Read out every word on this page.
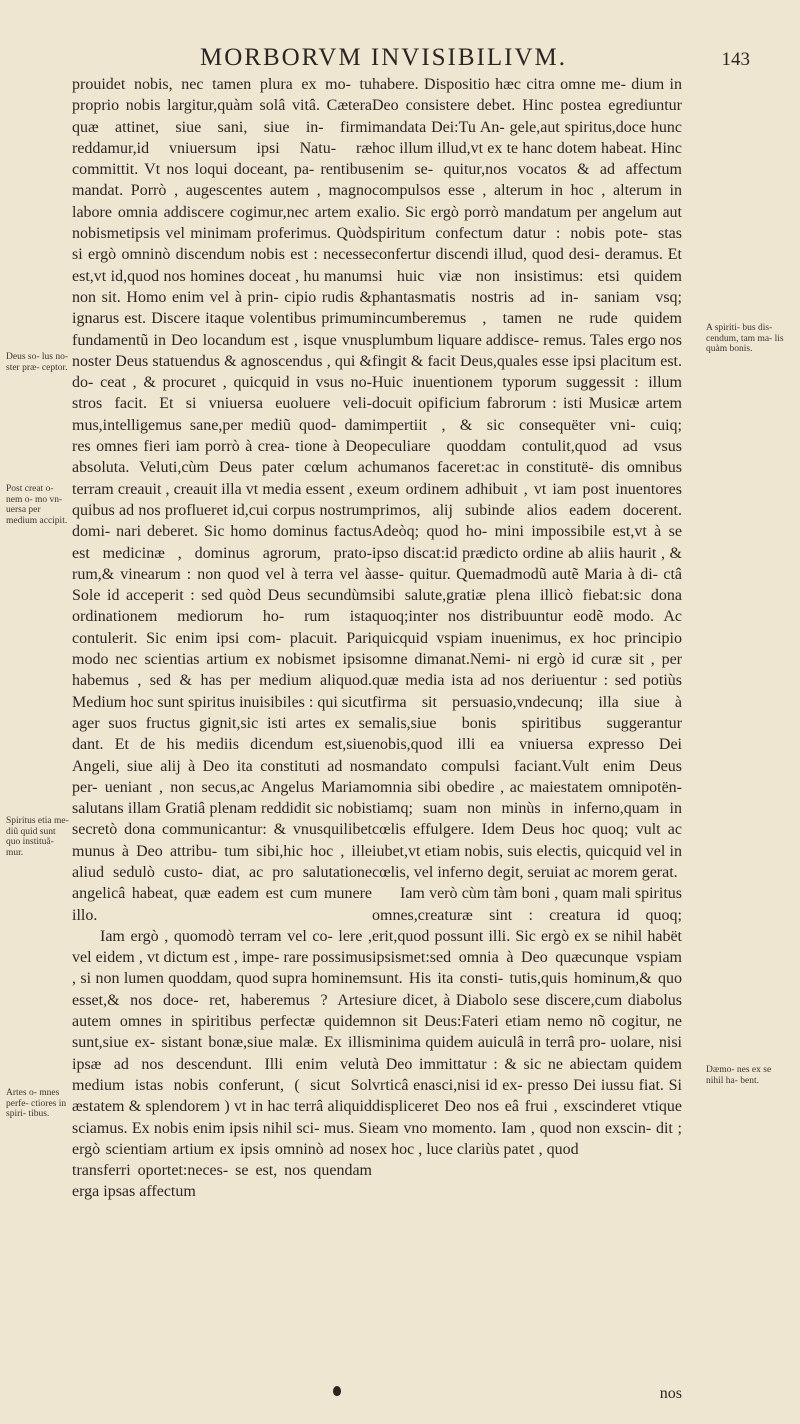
MORBORVM INVISIBILIVM.	143

prouidet nobis, nec tamen plura ex mo- tu proprio nobis largitur,quàm solâ vitâ. Cætera quæ attinet, siue sani, siue in- firmi reddamur,id vniuersum ipsi Natu- ræ committit. Vt nos loqui doceant, pa- rentibus mandat. Porrò , augescentes autem , magno labore omnia addiscere cogimur,nec artem ex nobismetipsis vel minimam proferimus. Quòd si ergò omninò discendum nobis est : necesse est,vt id,quod nos homines doceat , hu manum non sit. Homo enim vel à prin- cipio rudis & ignarus est. Discere itaque volentibus primum fundamentũ in Deo locandum est , isque vnus noster Deus statuendus & agnoscendus , qui & do- ceat , & procuret , quicquid in vsus no- stros facit. Et si vniuersa euoluere veli- mus,intelligemus sane,per mediũ quod- dam res omnes fieri iam porrò à crea- tione à Deo absoluta. Veluti,cùm Deus pater cœlum ac terram creauit , creauit illa vt media essent , ex quibus ad nos proflueret id,cui corpus nostrum domi- nari deberet. Sic homo dominus factus est medicinæ , dominus agrorum, prato- rum,& vinearum : non quod vel à terra vel à Sole id acceperit : sed quòd Deus secundùm ordinationem mediorum ho- rum ista contulerit. Sic enim ipsi com- placuit. Pari modo nec scientias artium ex nobismet ipsis habemus , sed & has per medium aliquod. Medium hoc sunt spiritus inuisibiles : qui sicut ager suos fructus gignit,sic isti artes ex se dant. Et de his mediis dicendum est,siue Angeli, siue alij à Deo ita constituti ad nos per- ueniant , non secus,ac Angelus Mariam salutans illam Gratiâ plenam reddidit sic nobis secretò dona communicantur: & vnusquilibet munus à Deo attribu- tum sibi,hic hoc , ille aliud sedulò custo- diat, ac pro salutatione angelicâ habeat, quæ eadem est cum munere illo.

Iam ergò , quomodò terram vel co- lere , vel eidem , vt dictum est , impe- rare possimus , si non lumen quoddam, quod supra hominem esset,& nos doce- ret, haberemus ? Artes autem omnes in spiritibus perfectæ quidem sunt,siue ex- sistant bonæ,siue malæ. Ex illis ipsæ ad nos descendunt. Illi enim velut medium istas nobis conferunt, ( sicut Sol æstatem & splendorem ) vt in hac terrâ aliquid sciamus. Ex nobis enim ipsis nihil sci- mus. Si ergò scientiam artium ex ipsis omninò ad nos transferri oportet:neces- se est, nos quendam erga ipsas affectum

habere. Dispositio hæc citra omne me- dium in Deo consistere debet. Hinc postea egrediuntur mandata Dei:Tu An- gele,aut spiritus,doce hunc hoc illum illud,vt ex te hanc dotem habeat. Hinc enim se- quitur,nos vocatos & ad affectum compulsos esse , alterum in hoc , alterum in alio. Sic ergò porrò mandatum per angelum aut spiritum confectum datur : nobis pote- stas confertur discendi illud, quod desi- deramus. Et si huic viæ non insistimus: etsi quidem phantasmatis nostris ad in- saniam vsq; incumberemus , tamen ne rude quidem plumbum liquare addisce- remus. Tales ergo nos fingit & facit Deus,quales esse ipsi placitum est. Huic inuentionem typorum suggessit : illum docuit opificium fabrorum : isti Musicæ artem impertiit , & sic consequëter vni- cuiq; peculiare quoddam contulit,quod ad vsus humanos faceret:ac in constitutë- dis omnibus eum ordinem adhibuit , vt iam post inuentores primos, alij subinde alios eadem docerent. Adeòq; quod ho- mini impossibile est,vt à se ipso discat:id prædicto ordine ab aliis haurit , & asse- quitur. Quemadmodũ autẽ Maria à di- ctâ sibi salute,gratiæ plena illicò fiebat:sic dona quoq;inter nos distribuuntur eodẽ modo. Ac quicquid vspiam inuenimus, ex hoc principio omne dimanat.Nemi- ni ergò id curæ sit , per quæ media ista ad nos deriuentur : sed potiùs firma sit persuasio,vndecunq; illa siue à malis,siue bonis spiritibus suggerantur nobis,quod illi ea vniuersa expresso Dei mandato compulsi faciant.Vult enim Deus omnia sibi obedire , ac maiestatem omnipotën- tiamq; suam non minùs in inferno,quam in cœlis effulgere. Idem Deus hoc quoq; vult ac iubet,vt etiam nobis, suis electis, quicquid vel in cœlis, vel inferno degit, seruiat ac morem gerat.

Iam verò cùm tàm boni , quam mali spiritus omnes,creaturæ sint : creatura id quoq; erit,quod possunt illi. Sic ergò ex se nihil habët ipsismet:sed omnia à Deo quæcunque vspiam sunt. His ita consti- tutis,quis hominum,& quo iure dicet, à Diabolo sese discere,cum diabolus non sit Deus:Fateri etiam nemo nõ cogitur, ne minima quidem auiculâ in terrâ pro- uolare, nisi à Deo immittatur : & sic ne abiectam quidem vrticâ enasci,nisi id ex- presso Dei iussu fiat. Si displiceret Deo nos eâ frui , exscinderet vtique eam vno momento. Iam , quod non exscin- dit ; ex hoc , luce clariùs patet , quod

Deus so- lus no- ster præ- ceptor.
Post creat o- nem o- mo vn- uersa per medium accipit.
Spiritus etia me- diũ quid sunt quo instituã- mur.
Artes o- mnes perfe- ctiores in spiri- tibus.
A spiriti- bus dis- cendum, tam ma- lis quàm bonis.
Dæmo- nes ex se nihil ha- bent.
nos
